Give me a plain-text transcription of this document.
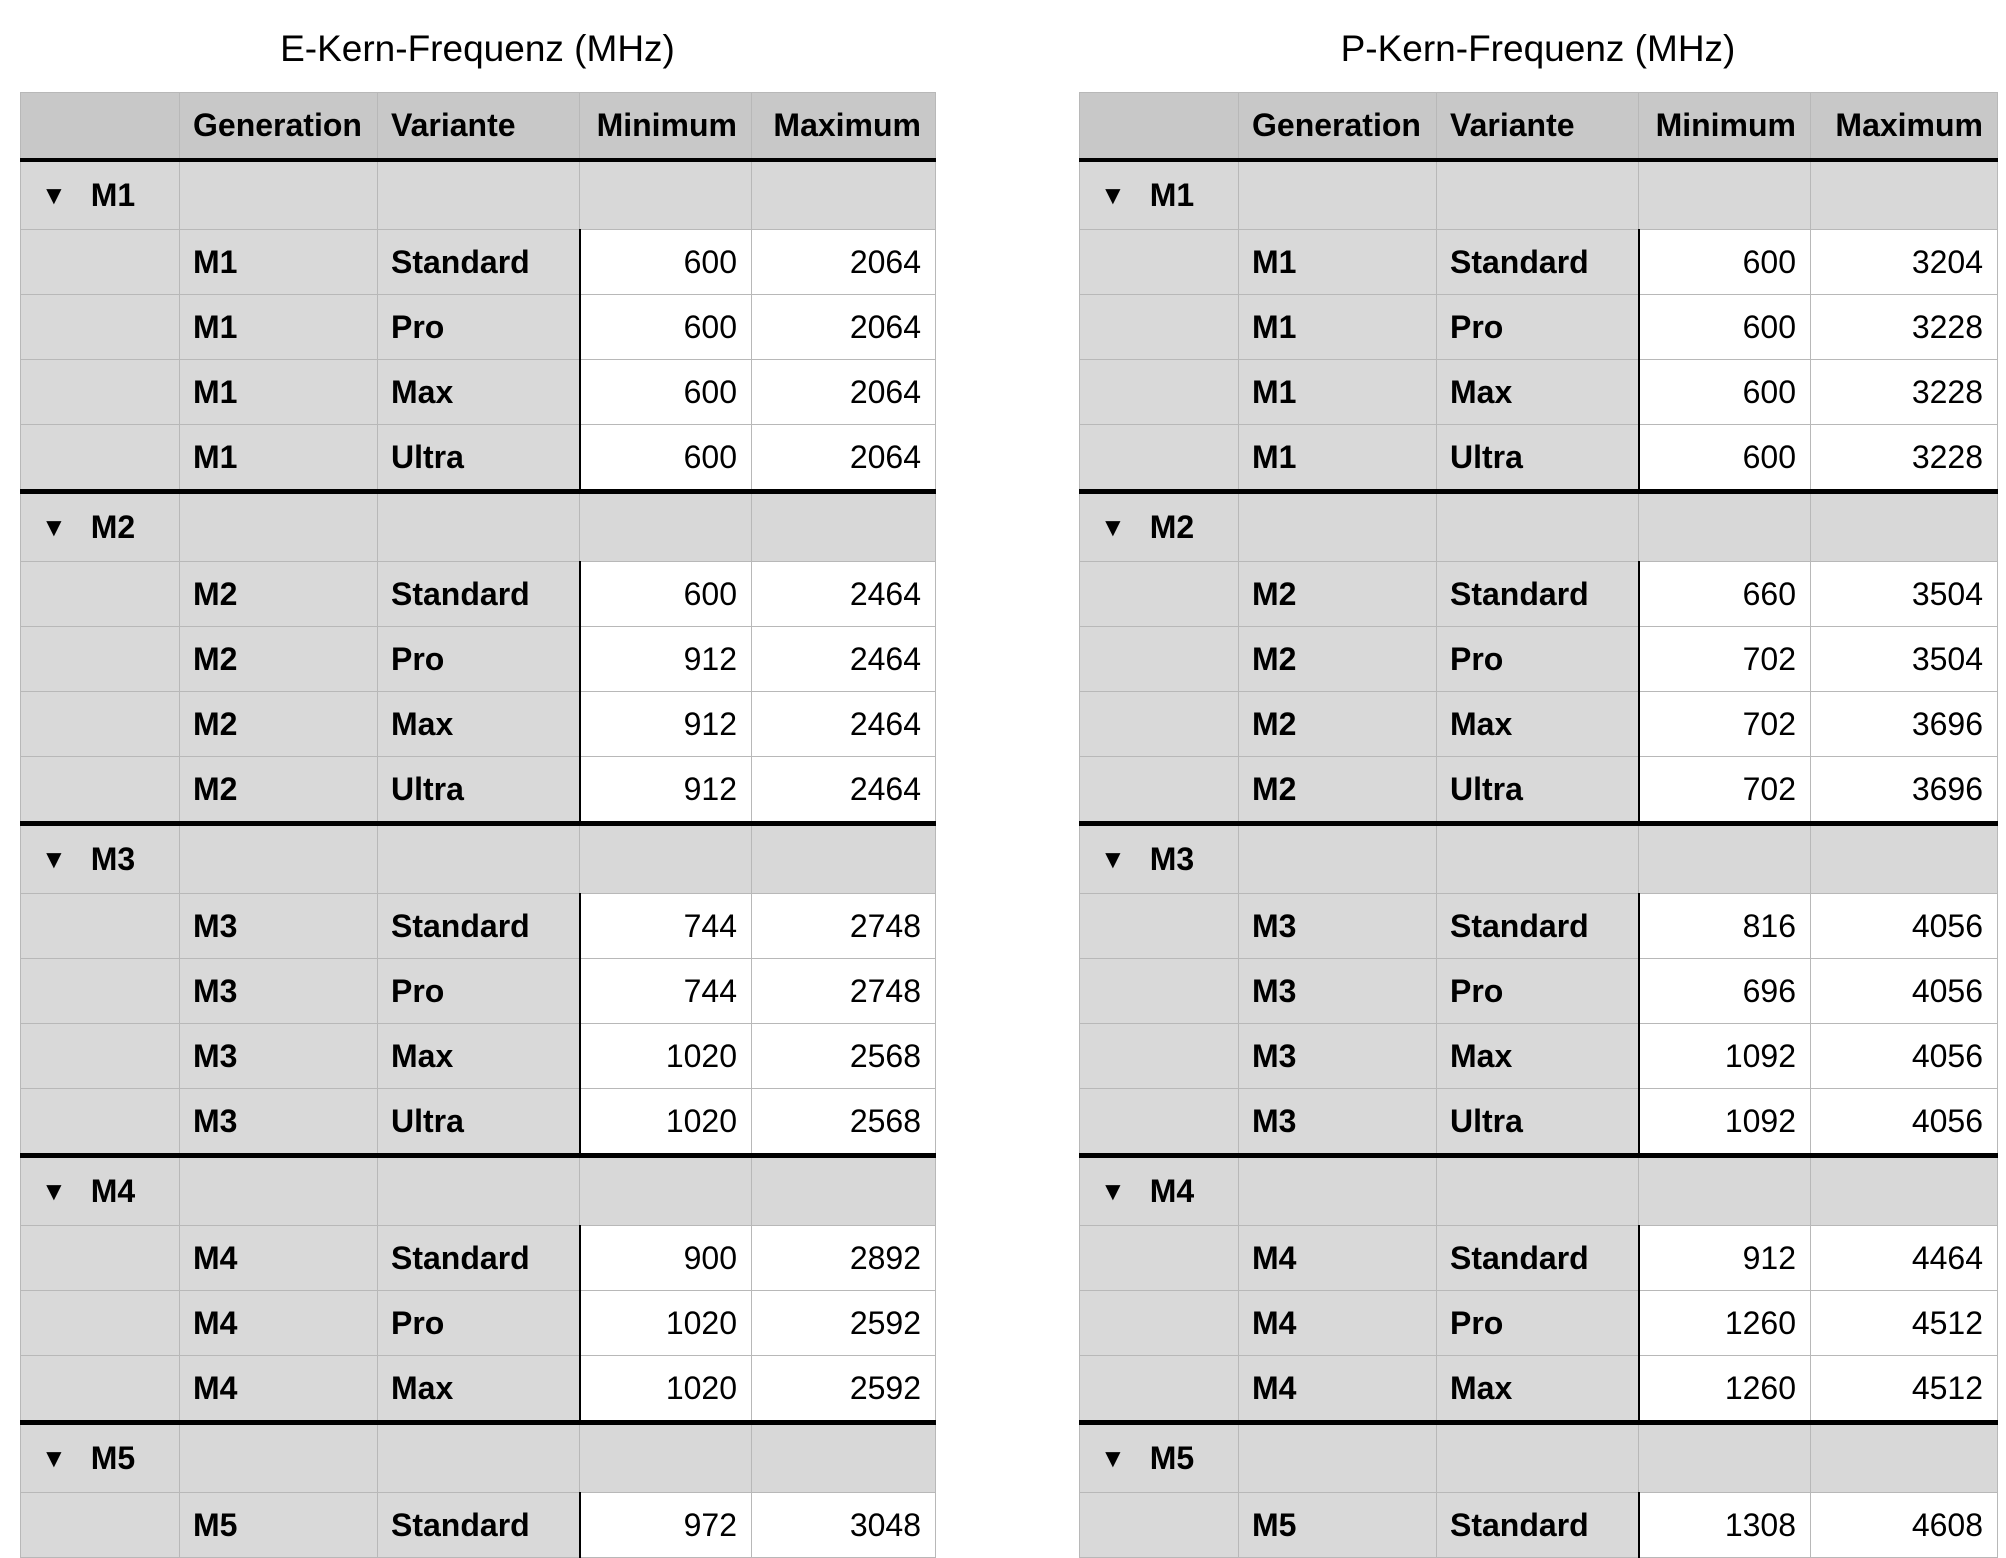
E-Kern-Frequenz (MHz)
	Generation	Variante	Minimum	Maximum
▼ M1				
	M1	Standard	600	2064
	M1	Pro	600	2064
	M1	Max	600	2064
	M1	Ultra	600	2064
▼ M2				
	M2	Standard	600	2464
	M2	Pro	912	2464
	M2	Max	912	2464
	M2	Ultra	912	2464
▼ M3				
	M3	Standard	744	2748
	M3	Pro	744	2748
	M3	Max	1020	2568
	M3	Ultra	1020	2568
▼ M4				
	M4	Standard	900	2892
	M4	Pro	1020	2592
	M4	Max	1020	2592
▼ M5				
	M5	Standard	972	3048
P-Kern-Frequenz (MHz)
	Generation	Variante	Minimum	Maximum
▼ M1				
	M1	Standard	600	3204
	M1	Pro	600	3228
	M1	Max	600	3228
	M1	Ultra	600	3228
▼ M2				
	M2	Standard	660	3504
	M2	Pro	702	3504
	M2	Max	702	3696
	M2	Ultra	702	3696
▼ M3				
	M3	Standard	816	4056
	M3	Pro	696	4056
	M3	Max	1092	4056
	M3	Ultra	1092	4056
▼ M4				
	M4	Standard	912	4464
	M4	Pro	1260	4512
	M4	Max	1260	4512
▼ M5				
	M5	Standard	1308	4608
